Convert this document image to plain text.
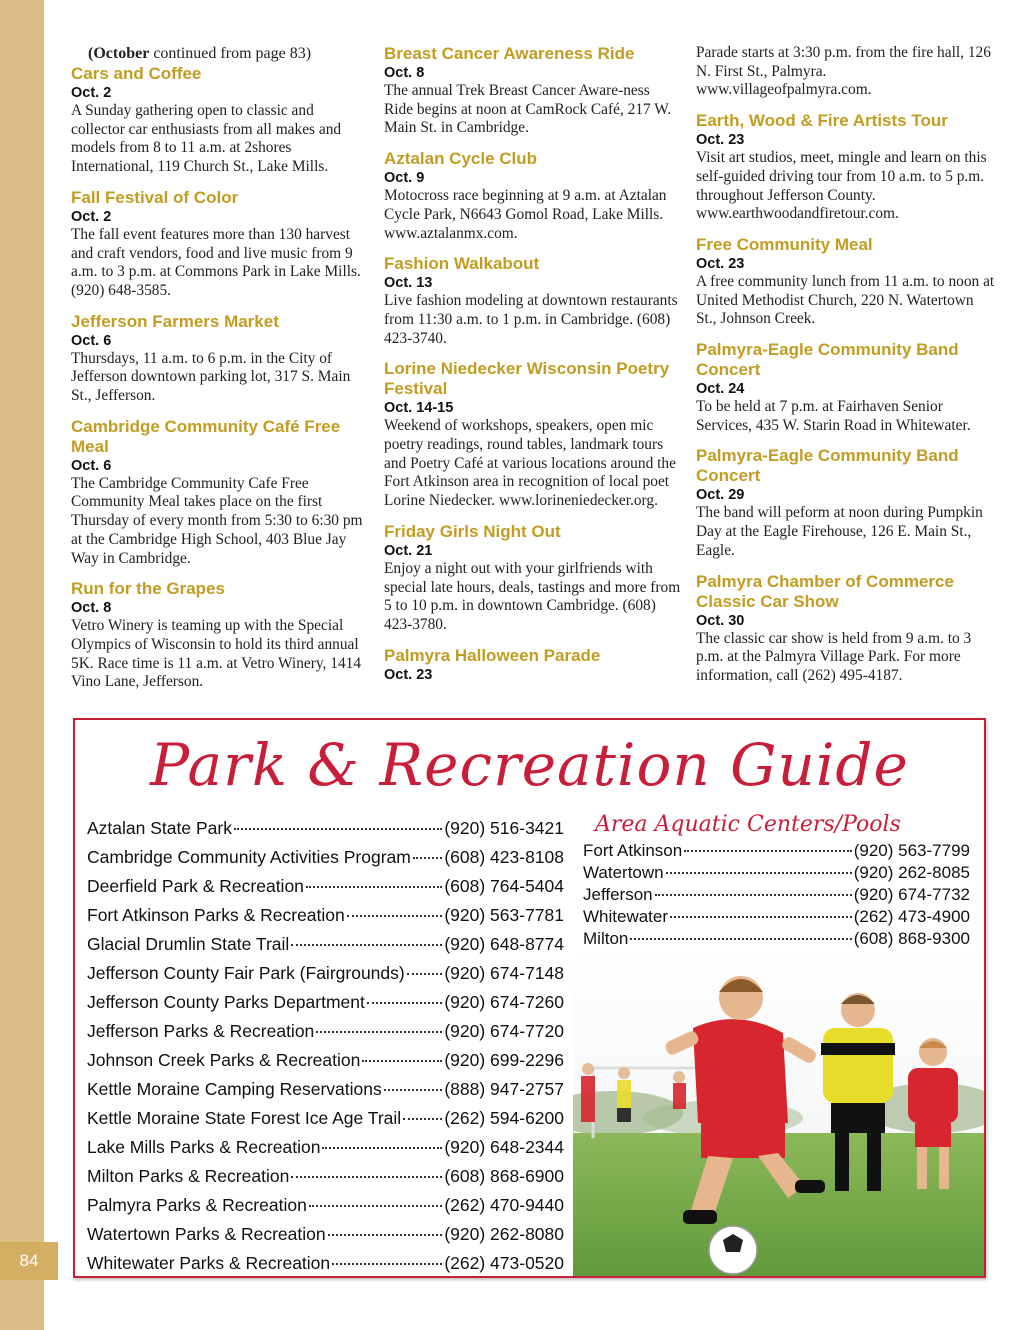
84
(October continued from page 83)
Cars and Coffee
Oct. 2
A Sunday gathering open to classic and collector car enthusiasts from all makes and models from 8 to 11 a.m. at 2shores International, 119 Church St., Lake Mills.
Fall Festival of Color
Oct. 2
The fall event features more than 130 harvest and craft vendors, food and live music from 9 a.m. to 3 p.m. at Commons Park in Lake Mills. (920) 648-3585.
Jefferson Farmers Market
Oct. 6
Thursdays, 11 a.m. to 6 p.m. in the City of Jefferson downtown parking lot, 317 S. Main St., Jefferson.
Cambridge Community Café Free Meal
Oct. 6
The Cambridge Community Cafe Free Community Meal takes place on the first Thursday of every month from 5:30 to 6:30 pm at the Cambridge High School, 403 Blue Jay Way in Cambridge.
Run for the Grapes
Oct. 8
Vetro Winery is teaming up with the Special Olympics of Wisconsin to hold its third annual 5K. Race time is 11 a.m. at Vetro Winery, 1414 Vino Lane, Jefferson.
Breast Cancer Awareness Ride
Oct. 8
The annual Trek Breast Cancer Aware-ness Ride begins at noon at CamRock Café, 217 W. Main St. in Cambridge.
Aztalan Cycle Club
Oct. 9
Motocross race beginning at 9 a.m. at Aztalan Cycle Park, N6643 Gomol Road, Lake Mills. www.aztalanmx.com.
Fashion Walkabout
Oct. 13
Live fashion modeling at downtown restaurants from 11:30 a.m. to 1 p.m. in Cambridge. (608) 423-3740.
Lorine Niedecker Wisconsin Poetry Festival
Oct. 14-15
Weekend of workshops, speakers, open mic poetry readings, round tables, landmark tours and Poetry Café at various locations around the Fort Atkinson area in recognition of local poet Lorine Niedecker. www.lorineniedecker.org.
Friday Girls Night Out
Oct. 21
Enjoy a night out with your girlfriends with special late hours, deals, tastings and more from 5 to 10 p.m. in downtown Cambridge. (608) 423-3780.
Palmyra Halloween Parade
Oct. 23
Parade starts at 3:30 p.m. from the fire hall, 126 N. First St., Palmyra. www.villageofpalmyra.com.
Earth, Wood & Fire Artists Tour
Oct. 23
Visit art studios, meet, mingle and learn on this self-guided driving tour from 10 a.m. to 5 p.m. throughout Jefferson County. www.earthwoodandfiretour.com.
Free Community Meal
Oct. 23
A free community lunch from 11 a.m. to noon at United Methodist Church, 220 N. Watertown St., Johnson Creek.
Palmyra-Eagle Community Band Concert
Oct. 24
To be held at 7 p.m. at Fairhaven Senior Services, 435 W. Starin Road in Whitewater.
Palmyra-Eagle Community Band Concert
Oct. 29
The band will peform at noon during Pumpkin Day at the Eagle Firehouse, 126 E. Main St., Eagle.
Palmyra Chamber of Commerce Classic Car Show
Oct. 30
The classic car show is held from 9 a.m. to 3 p.m. at the Palmyra Village Park. For more information, call (262) 495-4187.
Park & Recreation Guide
Aztalan State Park	(920) 516-3421
Cambridge Community Activities Program (608) 423-8108
Deerfield Park & Recreation	(608) 764-5404
Fort Atkinson Parks & Recreation	(920) 563-7781
Glacial Drumlin State Trail	(920) 648-8774
Jefferson County Fair Park (Fairgrounds) (920) 674-7148
Jefferson County Parks Department	(920) 674-7260
Jefferson Parks & Recreation	(920) 674-7720
Johnson Creek Parks & Recreation	(920) 699-2296
Kettle Moraine Camping Reservations	(888) 947-2757
Kettle Moraine State Forest Ice Age Trail (262) 594-6200
Lake Mills Parks & Recreation	(920) 648-2344
Milton Parks & Recreation	(608) 868-6900
Palmyra Parks & Recreation	(262) 470-9440
Watertown Parks & Recreation	(920) 262-8080
Whitewater Parks & Recreation	(262) 473-0520
Area Aquatic Centers/Pools
Fort Atkinson	(920) 563-7799
Watertown	(920) 262-8085
Jefferson	(920) 674-7732
Whitewater	(262) 473-4900
Milton	(608) 868-9300
